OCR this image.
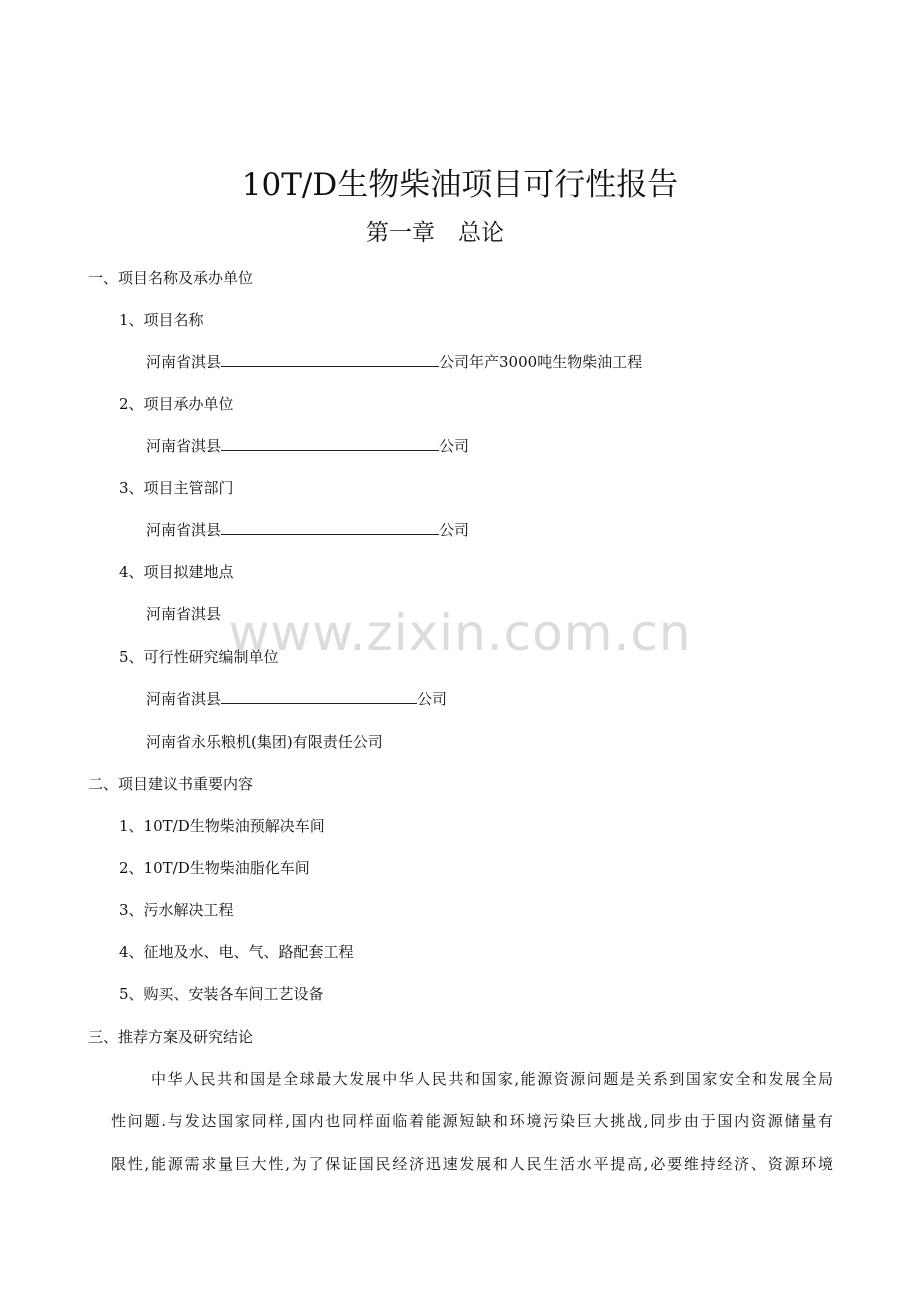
www.zixin.com.cn
10T/D生物柴油项目可行性报告
第一章　总论
一、项目名称及承办单位
1、项目名称
河南省淇县	公司年产3000吨生物柴油工程
2、项目承办单位
河南省淇县	公司
3、项目主管部门
河南省淇县	公司
4、项目拟建地点
河南省淇县
5、可行性研究编制单位
河南省淇县	公司
河南省永乐粮机(集团)有限责任公司
二、项目建议书重要内容
1、10T/D生物柴油预解决车间
2、10T/D生物柴油脂化车间
3、污水解决工程
4、征地及水、电、气、路配套工程
5、购买、安装各车间工艺设备
三、推荐方案及研究结论
中华人民共和国是全球最大发展中华人民共和国家,能源资源问题是关系到国家安全和发展全局
性问题.与发达国家同样,国内也同样面临着能源短缺和环境污染巨大挑战,同步由于国内资源储量有
限性,能源需求量巨大性,为了保证国民经济迅速发展和人民生活水平提高,必要维持经济、资源环境
